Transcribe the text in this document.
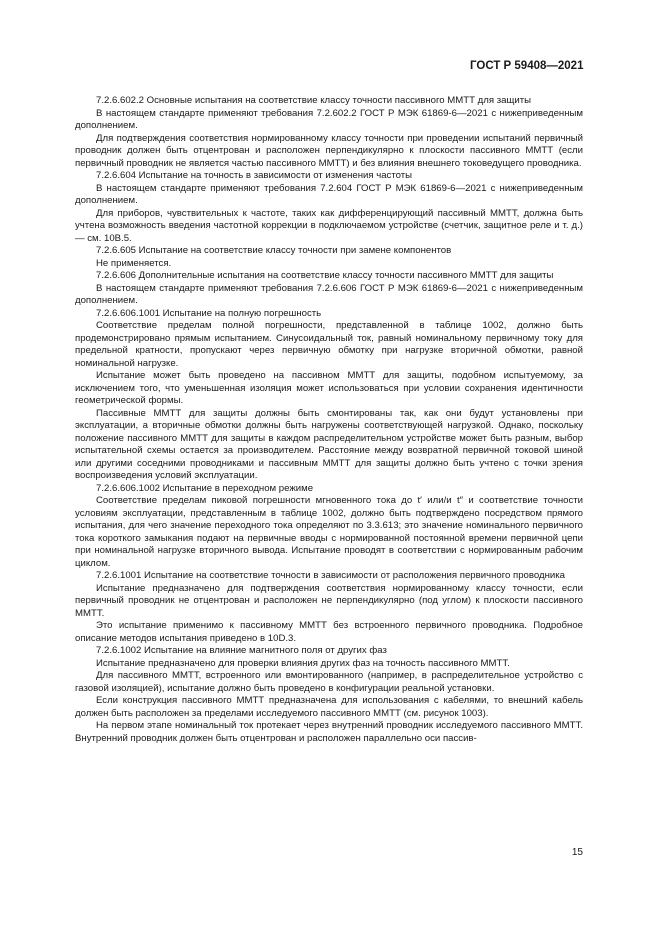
ГОСТ Р 59408—2021

7.2.6.602.2 Основные испытания на соответствие классу точности пассивного ММТТ для защиты

В настоящем стандарте применяют требования 7.2.602.2 ГОСТ Р МЭК 61869-6—2021 с нижеприведенным дополнением.

Для подтверждения соответствия нормированному классу точности при проведении испытаний первичный проводник должен быть отцентрован и расположен перпендикулярно к плоскости пассивного ММТТ (если первичный проводник не является частью пассивного ММТТ) и без влияния внешнего токоведущего проводника.

7.2.6.604 Испытание на точность в зависимости от изменения частоты

В настоящем стандарте применяют требования 7.2.604 ГОСТ Р МЭК 61869-6—2021 с нижеприведенным дополнением.

Для приборов, чувствительных к частоте, таких как дифференцирующий пассивный ММТТ, должна быть учтена возможность введения частотной коррекции в подключаемом устройстве (счетчик, защитное реле и т. д.) — см. 10В.5.

7.2.6.605 Испытание на соответствие классу точности при замене компонентов

Не применяется.

7.2.6.606 Дополнительные испытания на соответствие классу точности пассивного ММТТ для защиты

В настоящем стандарте применяют требования 7.2.6.606 ГОСТ Р МЭК 61869-6—2021 с нижеприведенным дополнением.

7.2.6.606.1001 Испытание на полную погрешность

Соответствие пределам полной погрешности, представленной в таблице 1002, должно быть продемонстрировано прямым испытанием. Синусоидальный ток, равный номинальному первичному току для предельной кратности, пропускают через первичную обмотку при нагрузке вторичной обмотки, равной номинальной нагрузке.

Испытание может быть проведено на пассивном ММТТ для защиты, подобном испытуемому, за исключением того, что уменьшенная изоляция может использоваться при условии сохранения идентичности геометрической формы.

Пассивные ММТТ для защиты должны быть смонтированы так, как они будут установлены при эксплуатации, а вторичные обмотки должны быть нагружены соответствующей нагрузкой. Однако, поскольку положение пассивного ММТТ для защиты в каждом распределительном устройстве может быть разным, выбор испытательной схемы остается за производителем. Расстояние между возвратной первичной токовой шиной или другими соседними проводниками и пассивным ММТТ для защиты должно быть учтено с точки зрения воспроизведения условий эксплуатации.

7.2.6.606.1002 Испытание в переходном режиме

Соответствие пределам пиковой погрешности мгновенного тока до t′ или/и t″ и соответствие точности условиям эксплуатации, представленным в таблице 1002, должно быть подтверждено посредством прямого испытания, для чего значение переходного тока определяют по 3.3.613; это значение номинального первичного тока короткого замыкания подают на первичные вводы с нормированной постоянной времени первичной цепи при номинальной нагрузке вторичного вывода. Испытание проводят в соответствии с нормированным рабочим циклом.

7.2.6.1001 Испытание на соответствие точности в зависимости от расположения первичного проводника

Испытание предназначено для подтверждения соответствия нормированному классу точности, если первичный проводник не отцентрован и расположен не перпендикулярно (под углом) к плоскости пассивного ММТТ.

Это испытание применимо к пассивному ММТТ без встроенного первичного проводника. Подробное описание методов испытания приведено в 10D.3.

7.2.6.1002 Испытание на влияние магнитного поля от других фаз

Испытание предназначено для проверки влияния других фаз на точность пассивного ММТТ.

Для пассивного ММТТ, встроенного или вмонтированного (например, в распределительное устройство с газовой изоляцией), испытание должно быть проведено в конфигурации реальной установки.

Если конструкция пассивного ММТТ предназначена для использования с кабелями, то внешний кабель должен быть расположен за пределами исследуемого пассивного ММТТ (см. рисунок 1003).

На первом этапе номинальный ток протекает через внутренний проводник исследуемого пассивного ММТТ. Внутренний проводник должен быть отцентрован и расположен параллельно оси пассив-

15
